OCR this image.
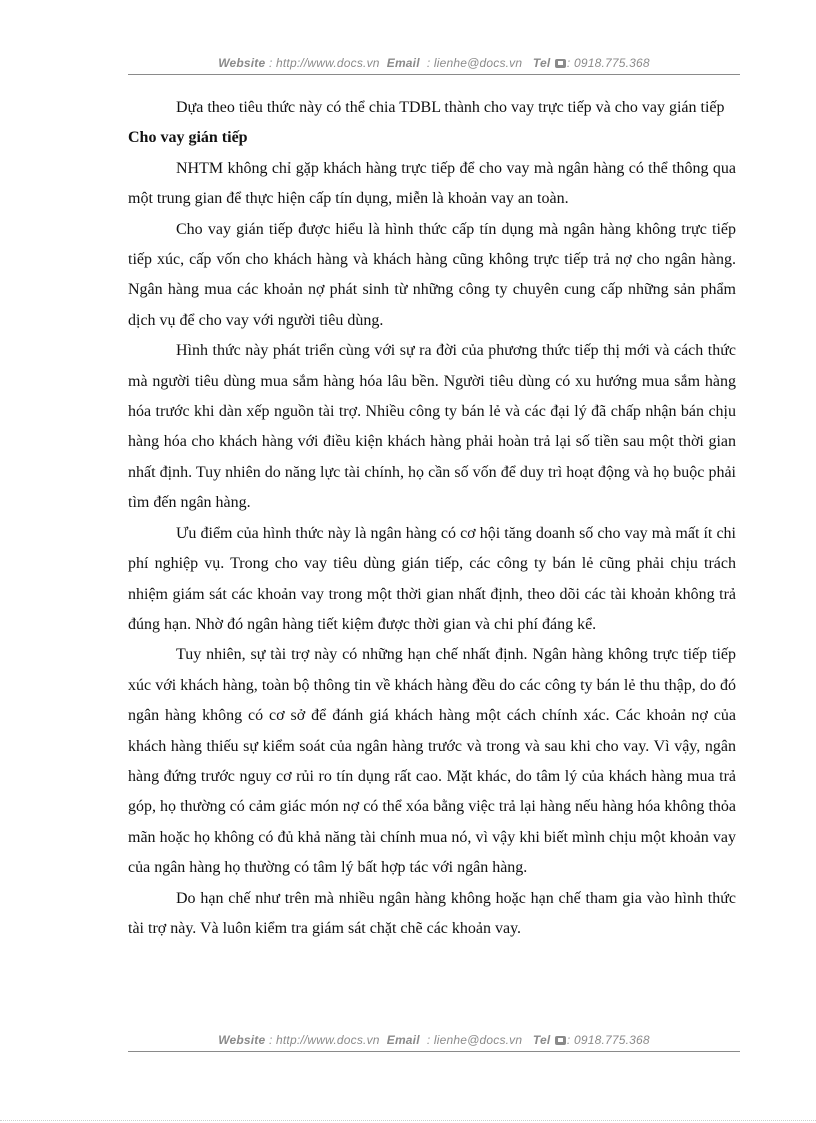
Website : http://www.docs.vn Email : lienhe@docs.vn Tel : 0918.775.368

Dựa theo tiêu thức này có thể chia TDBL thành cho vay trực tiếp và cho vay gián tiếp

Cho vay gián tiếp

NHTM không chỉ gặp khách hàng trực tiếp để cho vay mà ngân hàng có thể thông qua một trung gian để thực hiện cấp tín dụng, miễn là khoản vay an toàn.

Cho vay gián tiếp được hiểu là hình thức cấp tín dụng mà ngân hàng không trực tiếp tiếp xúc, cấp vốn cho khách hàng và khách hàng cũng không trực tiếp trả nợ cho ngân hàng. Ngân hàng mua các khoản nợ phát sinh từ những công ty chuyên cung cấp những sản phẩm dịch vụ để cho vay với người tiêu dùng.

Hình thức này phát triển cùng với sự ra đời của phương thức tiếp thị mới và cách thức mà người tiêu dùng mua sắm hàng hóa lâu bền. Người tiêu dùng có xu hướng mua sắm hàng hóa trước khi dàn xếp nguồn tài trợ. Nhiều công ty bán lẻ và các đại lý đã chấp nhận bán chịu hàng hóa cho khách hàng với điều kiện khách hàng phải hoàn trả lại số tiền sau một thời gian nhất định. Tuy nhiên do năng lực tài chính, họ cần số vốn để duy trì hoạt động và họ buộc phải tìm đến ngân hàng.

Ưu điểm của hình thức này là ngân hàng có cơ hội tăng doanh số cho vay mà mất ít chi phí nghiệp vụ. Trong cho vay tiêu dùng gián tiếp, các công ty bán lẻ cũng phải chịu trách nhiệm giám sát các khoản vay trong một thời gian nhất định, theo dõi các tài khoản không trả đúng hạn. Nhờ đó ngân hàng tiết kiệm được thời gian và chi phí đáng kể.

Tuy nhiên, sự tài trợ này có những hạn chế nhất định. Ngân hàng không trực tiếp tiếp xúc với khách hàng, toàn bộ thông tin về khách hàng đều do các công ty bán lẻ thu thập, do đó ngân hàng không có cơ sở để đánh giá khách hàng một cách chính xác. Các khoản nợ của khách hàng thiếu sự kiểm soát của ngân hàng trước và trong và sau khi cho vay. Vì vậy, ngân hàng đứng trước nguy cơ rủi ro tín dụng rất cao. Mặt khác, do tâm lý của khách hàng mua trả góp, họ thường có cảm giác món nợ có thể xóa bằng việc trả lại hàng nếu hàng hóa không thỏa mãn hoặc họ không có đủ khả năng tài chính mua nó, vì vậy khi biết mình chịu một khoản vay của ngân hàng họ thường có tâm lý bất hợp tác với ngân hàng.

Do hạn chế như trên mà nhiều ngân hàng không hoặc hạn chế tham gia vào hình thức tài trợ này. Và luôn kiểm tra giám sát chặt chẽ các khoản vay.

Website : http://www.docs.vn Email : lienhe@docs.vn Tel : 0918.775.368
